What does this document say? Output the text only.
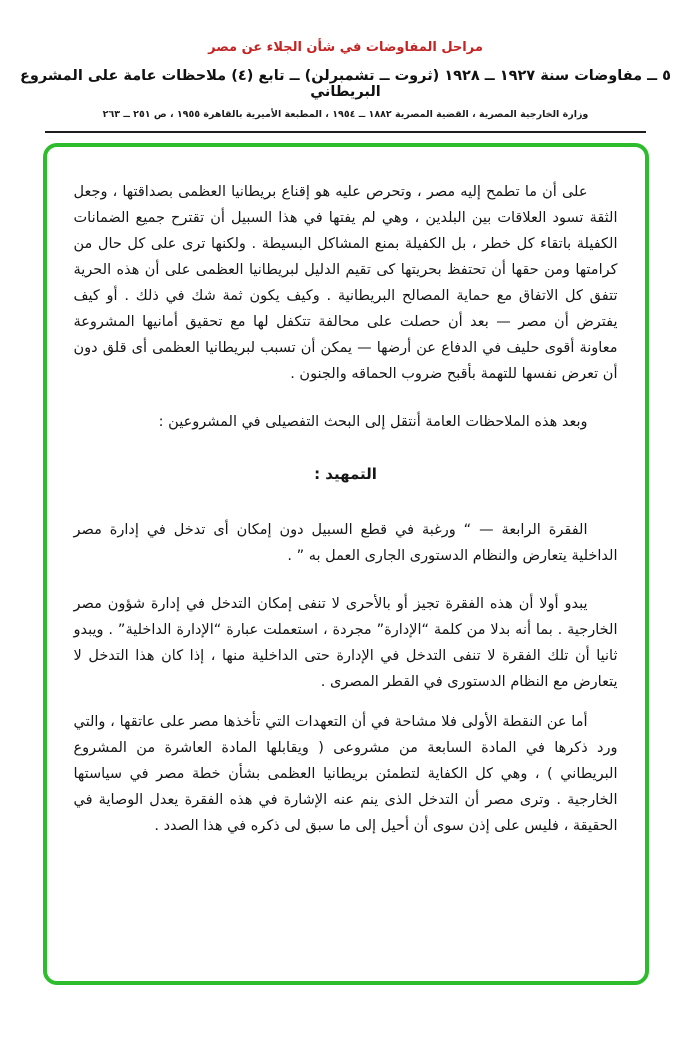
مراحل المفاوضات في شأن الجلاء عن مصر
٥ ــ مفاوضات سنة ١٩٢٧ ــ ١٩٢٨ (ثروت ــ تشمبرلن) ــ تابع (٤) ملاحظات عامة على المشروع البريطاني
وزارة الخارجية المصرية ، القضية المصرية ١٨٨٢ ــ ١٩٥٤ ، المطبعة الأميرية بالقاهرة ١٩٥٥ ، ص ٢٥١ ــ ٢٦٣

على أن ما تطمح إليه مصر ، وتحرص عليه هو إقناع بريطانيا العظمى بصداقتها ، وجعل الثقة تسود العلاقات بين البلدين ، وهي لم يفتها في هذا السبيل أن تقترح جميع الضمانات الكفيلة باتقاء كل خطر ، بل الكفيلة بمنع المشاكل البسيطة . ولكنها ترى على كل حال من كرامتها ومن حقها أن تحتفظ بحريتها كى تقيم الدليل لبريطانيا العظمى على أن هذه الحرية تتفق كل الاتفاق مع حماية المصالح البريطانية . وكيف يكون ثمة شك في ذلك . أو كيف يفترض أن مصر — بعد أن حصلت على محالفة تتكفل لها مع تحقيق أمانيها المشروعة معاونة أقوى حليف في الدفاع عن أرضها — يمكن أن تسبب لبريطانيا العظمى أى قلق دون أن تعرض نفسها للتهمة بأقبح ضروب الحماقه والجنون .

وبعد هذه الملاحظات العامة أنتقل إلى البحث التفصيلى في المشروعين :

التمهيد :

الفقرة الرابعة — “ ورغبة في قطع السبيل دون إمكان أى تدخل في إدارة مصر الداخلية يتعارض والنظام الدستورى الجارى العمل به ” .

يبدو أولا أن هذه الفقرة تجيز أو بالأحرى لا تنفى إمكان التدخل في إدارة شؤون مصر الخارجية . بما أنه بدلا من كلمة “الإدارة” مجردة ، استعملت عبارة “الإدارة الداخلية” . ويبدو ثانيا أن تلك الفقرة لا تنفى التدخل في الإدارة حتى الداخلية منها ، إذا كان هذا التدخل لا يتعارض مع النظام الدستورى في القطر المصرى .

أما عن النقطة الأولى فلا مشاحة في أن التعهدات التي تأخذها مصر على عاتقها ، والتي ورد ذكرها في المادة السابعة من مشروعى ( ويقابلها المادة العاشرة من المشروع البريطاني ) ، وهي كل الكفاية لتطمئن بريطانيا العظمى بشأن خطة مصر في سياستها الخارجية . وترى مصر أن التدخل الذى ينم عنه الإشارة في هذه الفقرة يعدل الوصاية في الحقيقة ، فليس على إذن سوى أن أحيل إلى ما سبق لى ذكره في هذا الصدد .
